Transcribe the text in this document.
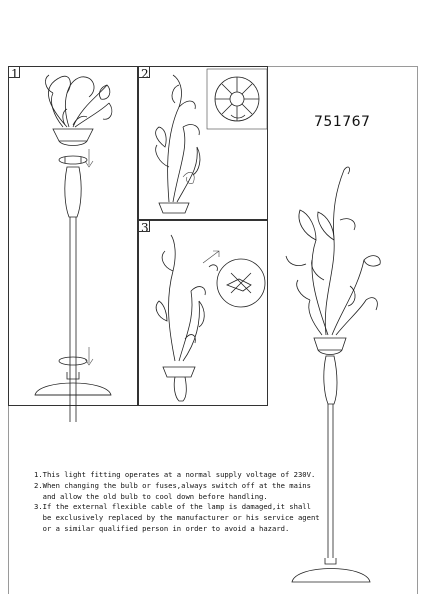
1	2
3
751767
1.This light fitting operates at a normal supply voltage of 230V.
2.When changing the bulb or fuses,always switch off at the mains
and allow the old bulb to cool down before handling.
3.If the external flexible cable of the lamp is damaged,it shall
be exclusively replaced by the manufacturer or his service agent
or a similar qualified person in order to avoid a hazard.
